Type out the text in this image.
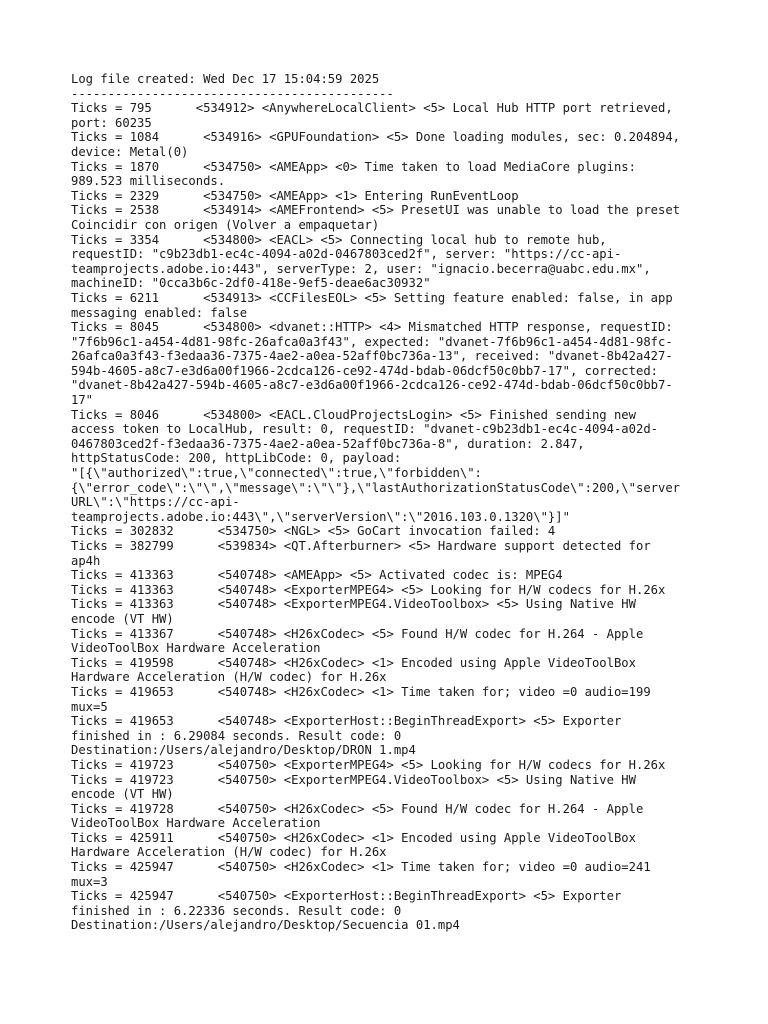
Log file created: Wed Dec 17 15:04:59 2025
--------------------------------------------
Ticks = 795      <534912> <AnywhereLocalClient> <5> Local Hub HTTP port retrieved,
port: 60235
Ticks = 1084      <534916> <GPUFoundation> <5> Done loading modules, sec: 0.204894,
device: Metal(0)
Ticks = 1870      <534750> <AMEApp> <0> Time taken to load MediaCore plugins:
989.523 milliseconds.
Ticks = 2329      <534750> <AMEApp> <1> Entering RunEventLoop
Ticks = 2538      <534914> <AMEFrontend> <5> PresetUI was unable to load the preset
Coincidir con origen (Volver a empaquetar)
Ticks = 3354      <534800> <EACL> <5> Connecting local hub to remote hub,
requestID: "c9b23db1-ec4c-4094-a02d-0467803ced2f", server: "https://cc-api-
teamprojects.adobe.io:443", serverType: 2, user: "ignacio.becerra@uabc.edu.mx",
machineID: "0cca3b6c-2df0-418e-9ef5-deae6ac30932"
Ticks = 6211      <534913> <CCFilesEOL> <5> Setting feature enabled: false, in app
messaging enabled: false
Ticks = 8045      <534800> <dvanet::HTTP> <4> Mismatched HTTP response, requestID:
"7f6b96c1-a454-4d81-98fc-26afca0a3f43", expected: "dvanet-7f6b96c1-a454-4d81-98fc-
26afca0a3f43-f3edaa36-7375-4ae2-a0ea-52aff0bc736a-13", received: "dvanet-8b42a427-
594b-4605-a8c7-e3d6a00f1966-2cdca126-ce92-474d-bdab-06dcf50c0bb7-17", corrected:
"dvanet-8b42a427-594b-4605-a8c7-e3d6a00f1966-2cdca126-ce92-474d-bdab-06dcf50c0bb7-
17"
Ticks = 8046      <534800> <EACL.CloudProjectsLogin> <5> Finished sending new
access token to LocalHub, result: 0, requestID: "dvanet-c9b23db1-ec4c-4094-a02d-
0467803ced2f-f3edaa36-7375-4ae2-a0ea-52aff0bc736a-8", duration: 2.847,
httpStatusCode: 200, httpLibCode: 0, payload:
"[{\"authorized\":true,\"connected\":true,\"forbidden\":
{\"error_code\":\"\",\"message\":\"\"},\"lastAuthorizationStatusCode\":200,\"server
URL\":\"https://cc-api-
teamprojects.adobe.io:443\",\"serverVersion\":\"2016.103.0.1320\"}]"
Ticks = 302832      <534750> <NGL> <5> GoCart invocation failed: 4
Ticks = 382799      <539834> <QT.Afterburner> <5> Hardware support detected for
ap4h
Ticks = 413363      <540748> <AMEApp> <5> Activated codec is: MPEG4
Ticks = 413363      <540748> <ExporterMPEG4> <5> Looking for H/W codecs for H.26x
Ticks = 413363      <540748> <ExporterMPEG4.VideoToolbox> <5> Using Native HW
encode (VT HW)
Ticks = 413367      <540748> <H26xCodec> <5> Found H/W codec for H.264 - Apple
VideoToolBox Hardware Acceleration
Ticks = 419598      <540748> <H26xCodec> <1> Encoded using Apple VideoToolBox
Hardware Acceleration (H/W codec) for H.26x
Ticks = 419653      <540748> <H26xCodec> <1> Time taken for; video =0 audio=199
mux=5
Ticks = 419653      <540748> <ExporterHost::BeginThreadExport> <5> Exporter
finished in : 6.29084 seconds. Result code: 0
Destination:/Users/alejandro/Desktop/DRON 1.mp4
Ticks = 419723      <540750> <ExporterMPEG4> <5> Looking for H/W codecs for H.26x
Ticks = 419723      <540750> <ExporterMPEG4.VideoToolbox> <5> Using Native HW
encode (VT HW)
Ticks = 419728      <540750> <H26xCodec> <5> Found H/W codec for H.264 - Apple
VideoToolBox Hardware Acceleration
Ticks = 425911      <540750> <H26xCodec> <1> Encoded using Apple VideoToolBox
Hardware Acceleration (H/W codec) for H.26x
Ticks = 425947      <540750> <H26xCodec> <1> Time taken for; video =0 audio=241
mux=3
Ticks = 425947      <540750> <ExporterHost::BeginThreadExport> <5> Exporter
finished in : 6.22336 seconds. Result code: 0
Destination:/Users/alejandro/Desktop/Secuencia 01.mp4
